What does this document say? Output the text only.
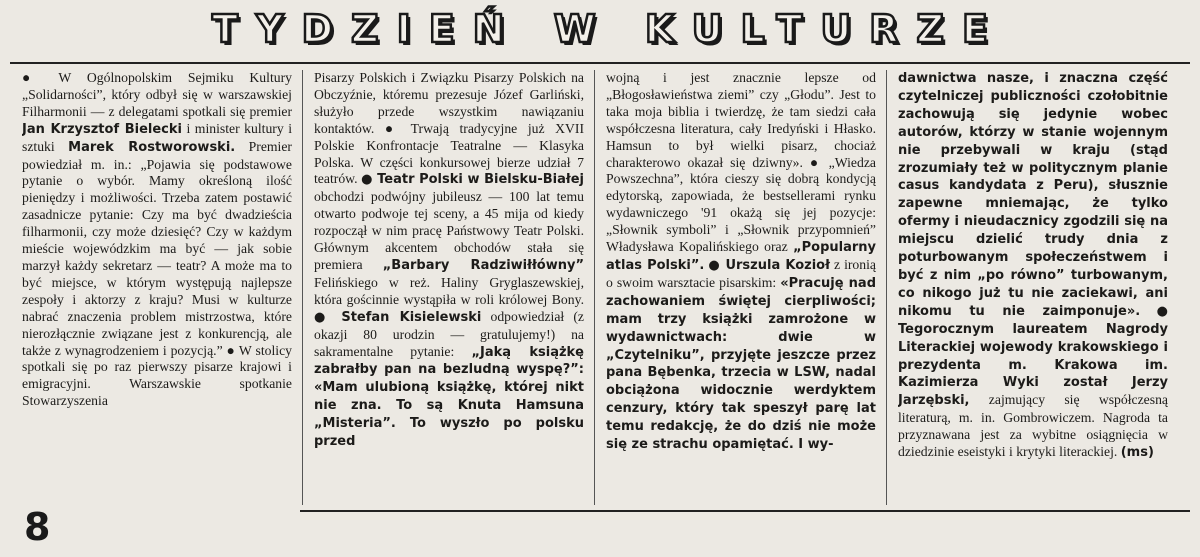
TYDZIEŃ W KULTURZE

● W Ogólnopolskim Sejmiku Kultury „Solidarności”, który odbył się w warszawskiej Filharmonii — z delegatami spotkali się premier Jan Krzysztof Bielecki i minister kultury i sztuki Marek Rostworowski. Premier powiedział m. in.: „Pojawia się podstawowe pytanie o wybór. Mamy określoną ilość pieniędzy i możliwości. Trzeba zatem postawić zasadnicze pytanie: Czy ma być dwadzieścia filharmonii, czy może dziesięć? Czy w każdym mieście wojewódzkim ma być — jak sobie marzył każdy sekretarz — teatr? A może ma to być miejsce, w którym występują najlepsze zespoły i aktorzy z kraju? Musi w kulturze nabrać znaczenia problem mistrzostwa, które nierozłącznie związane jest z konkurencją, ale także z wynagrodzeniem i pozycją.” ● W stolicy spotkali się po raz pierwszy pisarze krajowi i emigracyjni. Warszawskie spotkanie Stowarzyszenia

Pisarzy Polskich i Związku Pisarzy Polskich na Obczyźnie, któremu prezesuje Józef Garliński, służyło przede wszystkim nawiązaniu kontaktów. ● Trwają tradycyjne już XVII Polskie Konfrontacje Teatralne — Klasyka Polska. W części konkursowej bierze udział 7 teatrów. ● Teatr Polski w Bielsku-Białej obchodzi podwójny jubileusz — 100 lat temu otwarto podwoje tej sceny, a 45 mija od kiedy rozpoczął w nim pracę Państwowy Teatr Polski. Głównym akcentem obchodów stała się premiera „Barbary Radziwiłłówny” Felińskiego w reż. Haliny Gryglaszewskiej, która gościnnie wystąpiła w roli królowej Bony. ● Stefan Kisielewski odpowiedział (z okazji 80 urodzin — gratulujemy!) na sakramentalne pytanie: „Jaką książkę zabrałby pan na bezludną wyspę?”: «Mam ulubioną książkę, której nikt nie zna. To są Knuta Hamsuna „Misteria”. To wyszło po polsku przed

wojną i jest znacznie lepsze od „Błogosławieństwa ziemi” czy „Głodu”. Jest to taka moja biblia i twierdzę, że tam siedzi cała współczesna literatura, cały Iredyński i Hłasko. Hamsun to był wielki pisarz, chociaż charakterowo okazał się dziwny». ● „Wiedza Powszechna”, która cieszy się dobrą kondycją edytorską, zapowiada, że bestsellerami rynku wydawniczego '91 okażą się jej pozycje: „Słownik symboli” i „Słownik przypomnień” Władysława Kopalińskiego oraz „Popularny atlas Polski”. ● Urszula Kozioł z ironią o swoim warsztacie pisarskim: «Pracuję nad zachowaniem świętej cierpliwości; mam trzy książki zamrożone w wydawnictwach: dwie w „Czytelniku”, przyjęte jeszcze przez pana Bębenka, trzecia w LSW, nadal obciążona widocznie werdyktem cenzury, który tak speszył parę lat temu redakcję, że do dziś nie może się ze strachu opamiętać. I wy-

dawnictwa nasze, i znaczna część czytelniczej publiczności czołobitnie zachowują się jedynie wobec autorów, którzy w stanie wojennym nie przebywali w kraju (stąd zrozumiały też w politycznym planie casus kandydata z Peru), słusznie zapewne mniemając, że tylko ofermy i nieudacznicy zgodzili się na miejscu dzielić trudy dnia z poturbowanym społeczeństwem i być z nim „po równo” turbowanym, co nikogo już tu nie zaciekawi, ani nikomu tu nie zaimponuje». ● Tegorocznym laureatem Nagrody Literackiej wojewody krakowskiego i prezydenta m. Krakowa im. Kazimierza Wyki został Jerzy Jarzębski, zajmujący się współczesną literaturą, m. in. Gombrowiczem. Nagroda ta przyznawana jest za wybitne osiągnięcia w dziedzinie eseistyki i krytyki literackiej. (ms)

8
